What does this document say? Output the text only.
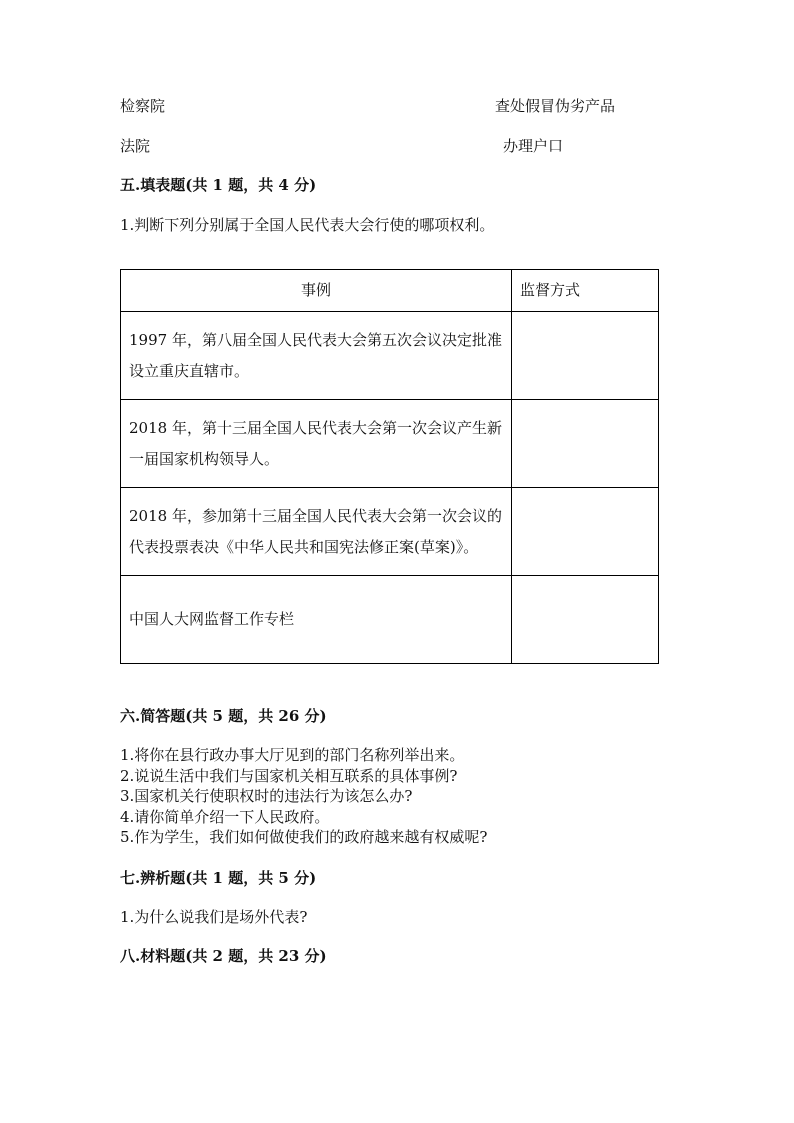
检察院	查处假冒伪劣产品
法院	办理户口
五.填表题(共 1 题，共 4 分)
1.判断下列分别属于全国人民代表大会行使的哪项权利。
事例	监督方式
1997 年，第八届全国人民代表大会第五次会议决定批准设立重庆直辖市。	
2018 年，第十三届全国人民代表大会第一次会议产生新一届国家机构领导人。	
2018 年，参加第十三届全国人民代表大会第一次会议的代表投票表决《中华人民共和国宪法修正案(草案)》。	
中国人大网监督工作专栏	
六.简答题(共 5 题，共 26 分)
1.将你在县行政办事大厅见到的部门名称列举出来。
2.说说生活中我们与国家机关相互联系的具体事例?
3.国家机关行使职权时的违法行为该怎么办?
4.请你简单介绍一下人民政府。
5.作为学生，我们如何做使我们的政府越来越有权威呢?
七.辨析题(共 1 题，共 5 分)
1.为什么说我们是场外代表?
八.材料题(共 2 题，共 23 分)
